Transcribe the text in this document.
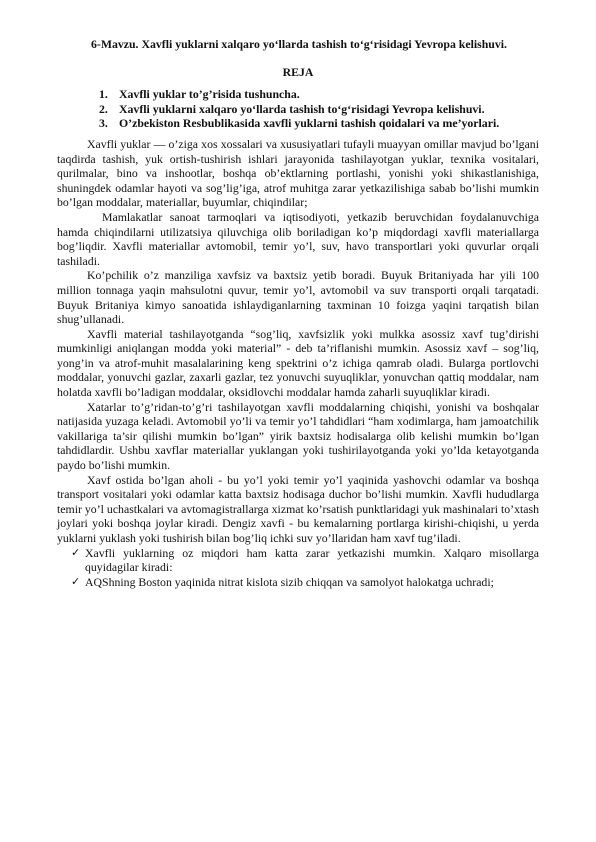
6-Mavzu. Xavfli yuklarni xalqaro yo‘llarda tashish to‘g‘risidagi Yevropa kelishuvi.

REJA
1. Xavfli yuklar to’g’risida tushuncha.
2. Xavfli yuklarni xalqaro yo‘llarda tashish to‘g‘risidagi Yevropa kelishuvi.
3. O’zbekiston Resbublikasida xavfli yuklarni tashish qoidalari va me’yorlari.

Xavfli yuklar — o’ziga xos xossalari va xususiyatlari tufayli muayyan omillar mavjud bo’lgani taqdirda tashish, yuk ortish-tushirish ishlari jarayonida tashilayotgan yuklar, texnika vositalari, qurilmalar, bino va inshootlar, boshqa ob’ektlarning portlashi, yonishi yoki shikastlanishiga, shuningdek odamlar hayoti va sog’lig’iga, atrof muhitga zarar yetkazilishiga sabab bo’lishi mumkin bo’lgan moddalar, materiallar, buyumlar, chiqindilar;

Mamlakatlar sanoat tarmoqlari va iqtisodiyoti, yetkazib beruvchidan foydalanuvchiga hamda chiqindilarni utilizatsiya qiluvchiga olib boriladigan ko’p miqdordagi xavfli materiallarga bog’liqdir. Xavfli materiallar avtomobil, temir yo’l, suv, havo transportlari yoki quvurlar orqali tashiladi.

Ko’pchilik o’z manziliga xavfsiz va baxtsiz yetib boradi. Buyuk Britaniyada har yili 100 million tonnaga yaqin mahsulotni quvur, temir yo’l, avtomobil va suv transporti orqali tarqatadi. Buyuk Britaniya kimyo sanoatida ishlaydiganlarning taxminan 10 foizga yaqini tarqatish bilan shug’ullanadi.

Xavfli material tashilayotganda “sog’liq, xavfsizlik yoki mulkka asossiz xavf tug’dirishi mumkinligi aniqlangan modda yoki material” - deb ta’riflanishi mumkin. Asossiz xavf – sog’liq, yong’in va atrof-muhit masalalarining keng spektrini o’z ichiga qamrab oladi. Bularga portlovchi moddalar, yonuvchi gazlar, zaxarli gazlar, tez yonuvchi suyuqliklar, yonuvchan qattiq moddalar, nam holatda xavfli bo’ladigan moddalar, oksidlovchi moddalar hamda zaharli suyuqliklar kiradi.

Xatarlar to’g’ridan-to’g’ri tashilayotgan xavfli moddalarning chiqishi, yonishi va boshqalar natijasida yuzaga keladi. Avtomobil yo’li va temir yo’l tahdidlari “ham xodimlarga, ham jamoatchilik vakillariga ta’sir qilishi mumkin bo’lgan” yirik baxtsiz hodisalarga olib kelishi mumkin bo’lgan tahdidlardir. Ushbu xavflar materiallar yuklangan yoki tushirilayotganda yoki yo’lda ketayotganda paydo bo’lishi mumkin.

Xavf ostida bo’lgan aholi - bu yo’l yoki temir yo’l yaqinida yashovchi odamlar va boshqa transport vositalari yoki odamlar katta baxtsiz hodisaga duchor bo’lishi mumkin. Xavfli hududlarga temir yo’l uchastkalari va avtomagistrallarga xizmat ko’rsatish punktlaridagi yuk mashinalari to’xtash joylari yoki boshqa joylar kiradi. Dengiz xavfi - bu kemalarning portlarga kirishi-chiqishi, u yerda yuklarni yuklash yoki tushirish bilan bog’liq ichki suv yo’llaridan ham xavf tug’iladi.

✓ Xavfli yuklarning oz miqdori ham katta zarar yetkazishi mumkin. Xalqaro misollarga quyidagilar kiradi:
✓ AQShning Boston yaqinida nitrat kislota sizib chiqqan va samolyot halokatga uchradi;
